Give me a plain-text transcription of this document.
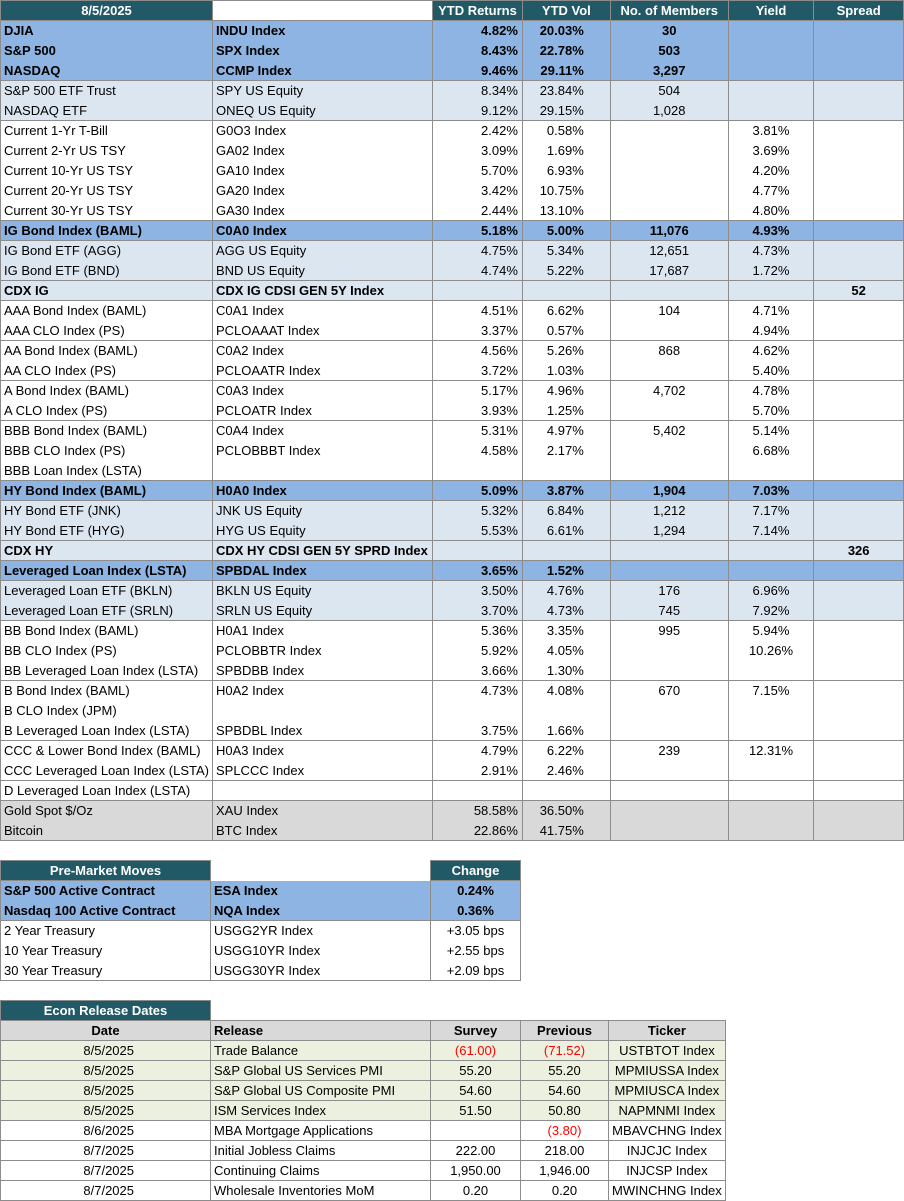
8/5/2025		YTD Returns	YTD Vol	No. of Members	Yield	Spread
DJIA	INDU Index	4.82%	20.03%	30		
S&P 500	SPX Index	8.43%	22.78%	503		
NASDAQ	CCMP Index	9.46%	29.11%	3,297		
S&P 500 ETF Trust	SPY US Equity	8.34%	23.84%	504		
NASDAQ ETF	ONEQ US Equity	9.12%	29.15%	1,028		
Current 1-Yr T-Bill	G0O3 Index	2.42%	0.58%		3.81%	
Current 2-Yr US TSY	GA02 Index	3.09%	1.69%		3.69%	
Current 10-Yr US TSY	GA10 Index	5.70%	6.93%		4.20%	
Current 20-Yr US TSY	GA20 Index	3.42%	10.75%		4.77%	
Current 30-Yr US TSY	GA30 Index	2.44%	13.10%		4.80%	
IG Bond Index (BAML)	C0A0 Index	5.18%	5.00%	11,076	4.93%	
IG Bond ETF (AGG)	AGG US Equity	4.75%	5.34%	12,651	4.73%	
IG Bond ETF (BND)	BND US Equity	4.74%	5.22%	17,687	1.72%	
CDX IG	CDX IG CDSI GEN 5Y Index					52
AAA Bond Index (BAML)	C0A1 Index	4.51%	6.62%	104	4.71%	
AAA CLO Index (PS)	PCLOAAAT Index	3.37%	0.57%		4.94%	
AA Bond Index (BAML)	C0A2 Index	4.56%	5.26%	868	4.62%	
AA CLO Index (PS)	PCLOAATR Index	3.72%	1.03%		5.40%	
A Bond Index (BAML)	C0A3 Index	5.17%	4.96%	4,702	4.78%	
A CLO Index (PS)	PCLOATR Index	3.93%	1.25%		5.70%	
BBB Bond Index (BAML)	C0A4 Index	5.31%	4.97%	5,402	5.14%	
BBB CLO Index (PS)	PCLOBBBT Index	4.58%	2.17%		6.68%	
BBB Loan Index (LSTA)						
HY Bond Index (BAML)	H0A0 Index	5.09%	3.87%	1,904	7.03%	
HY Bond ETF (JNK)	JNK US Equity	5.32%	6.84%	1,212	7.17%	
HY Bond ETF (HYG)	HYG US Equity	5.53%	6.61%	1,294	7.14%	
CDX HY	CDX HY CDSI GEN 5Y SPRD Index					326
Leveraged Loan Index (LSTA)	SPBDAL Index	3.65%	1.52%			
Leveraged Loan ETF (BKLN)	BKLN US Equity	3.50%	4.76%	176	6.96%	
Leveraged Loan ETF (SRLN)	SRLN US Equity	3.70%	4.73%	745	7.92%	
BB Bond Index (BAML)	H0A1 Index	5.36%	3.35%	995	5.94%	
BB CLO Index (PS)	PCLOBBTR Index	5.92%	4.05%		10.26%	
BB Leveraged Loan Index (LSTA)	SPBDBB Index	3.66%	1.30%			
B Bond Index (BAML)	H0A2 Index	4.73%	4.08%	670	7.15%	
B CLO Index (JPM)						
B Leveraged Loan Index (LSTA)	SPBDBL Index	3.75%	1.66%			
CCC & Lower Bond Index (BAML)	H0A3 Index	4.79%	6.22%	239	12.31%	
CCC Leveraged Loan Index (LSTA)	SPLCCC Index	2.91%	2.46%			
D Leveraged Loan Index (LSTA)						
Gold Spot $/Oz	XAU Index	58.58%	36.50%			
Bitcoin	BTC Index	22.86%	41.75%			
Pre-Market Moves		Change
S&P 500 Active Contract	ESA Index	0.24%
Nasdaq 100 Active Contract	NQA Index	0.36%
2 Year Treasury	USGG2YR Index	+3.05 bps
10 Year Treasury	USGG10YR Index	+2.55 bps
30 Year Treasury	USGG30YR Index	+2.09 bps
Econ Release Dates				
Date	Release	Survey	Previous	Ticker
8/5/2025	Trade Balance	(61.00)	(71.52)	USTBTOT Index
8/5/2025	S&P Global US Services PMI	55.20	55.20	MPMIUSSA Index
8/5/2025	S&P Global US Composite PMI	54.60	54.60	MPMIUSCA Index
8/5/2025	ISM Services Index	51.50	50.80	NAPMNMI Index
8/6/2025	MBA Mortgage Applications		(3.80)	MBAVCHNG Index
8/7/2025	Initial Jobless Claims	222.00	218.00	INJCJC Index
8/7/2025	Continuing Claims	1,950.00	1,946.00	INJCSP Index
8/7/2025	Wholesale Inventories MoM	0.20	0.20	MWINCHNG Index
